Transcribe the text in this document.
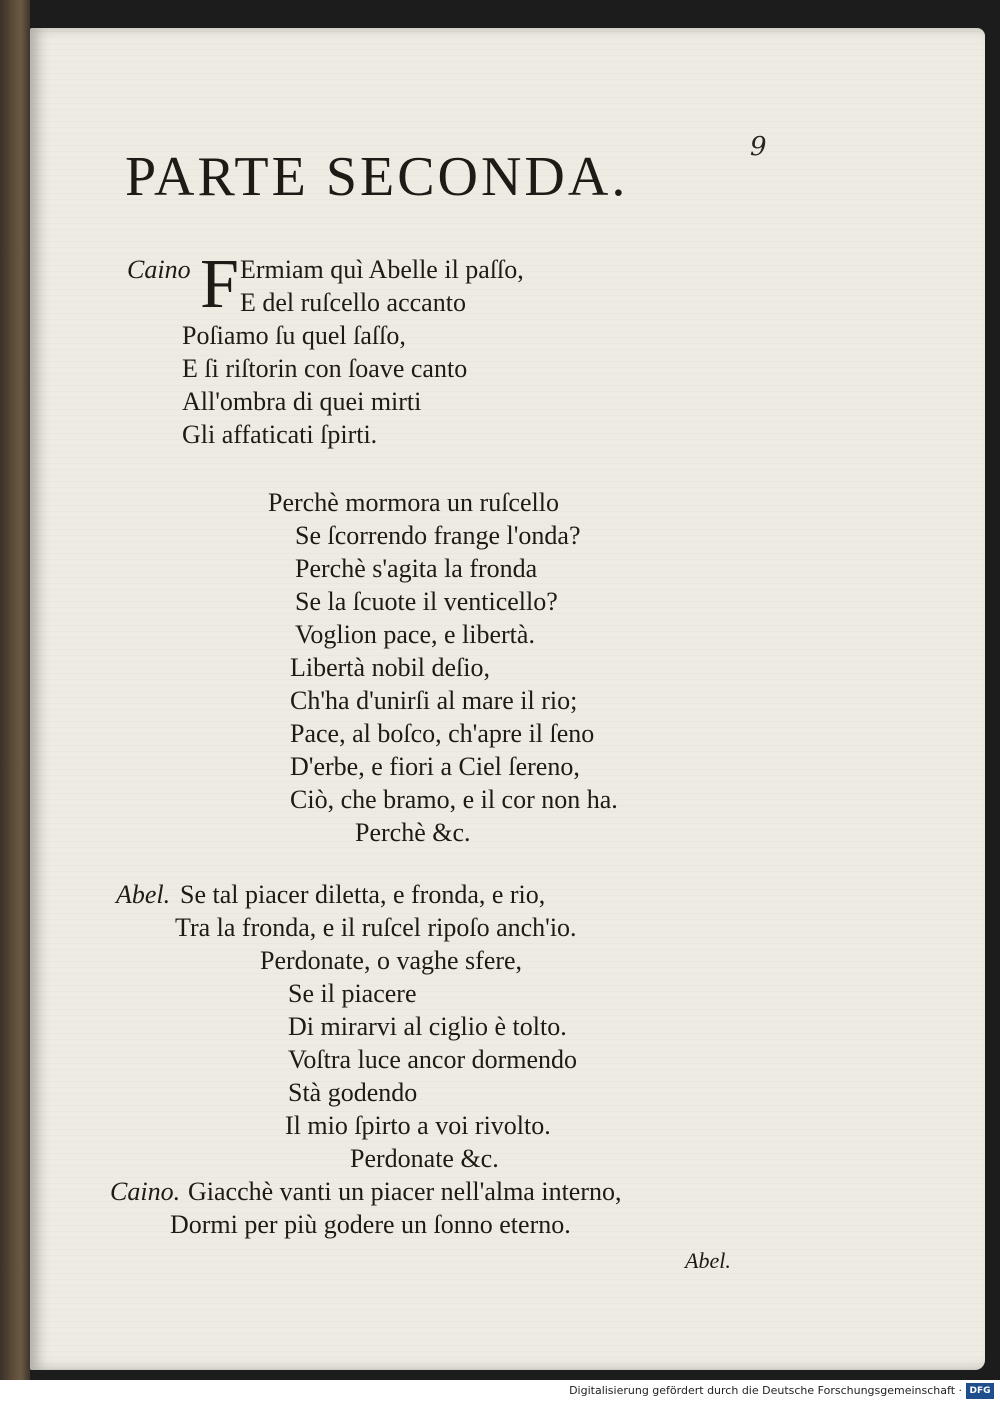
9
PARTE SECONDA.
Caino F Ermiam quì Abelle il paſſo,
E del ruſcello accanto
Poſiamo ſu quel ſaſſo,
E ſi riſtorin con ſoave canto
All'ombra di quei mirti
Gli affaticati ſpirti.
Perchè mormora un ruſcello
Se ſcorrendo frange l'onda?
Perchè s'agita la fronda
Se la ſcuote il venticello?
Voglion pace, e libertà.
Libertà nobil deſio,
Ch'ha d'unirſi al mare il rio;
Pace, al boſco, ch'apre il ſeno
D'erbe, e fiori a Ciel ſereno,
Ciò, che bramo, e il cor non ha.
Perchè &c.
Abel. Se tal piacer diletta, e fronda, e rio,
Tra la fronda, e il ruſcel ripoſo anch'io.
Perdonate, o vaghe sfere,
Se il piacere
Di mirarvi al ciglio è tolto.
Voſtra luce ancor dormendo
Stà godendo
Il mio ſpirto a voi rivolto.
Perdonate &c.
Caino. Giacchè vanti un piacer nell'alma interno,
Dormi per più godere un ſonno eterno.
Abel.
Digitalisierung gefördert durch die Deutsche Forschungsgemeinschaft · DFG
